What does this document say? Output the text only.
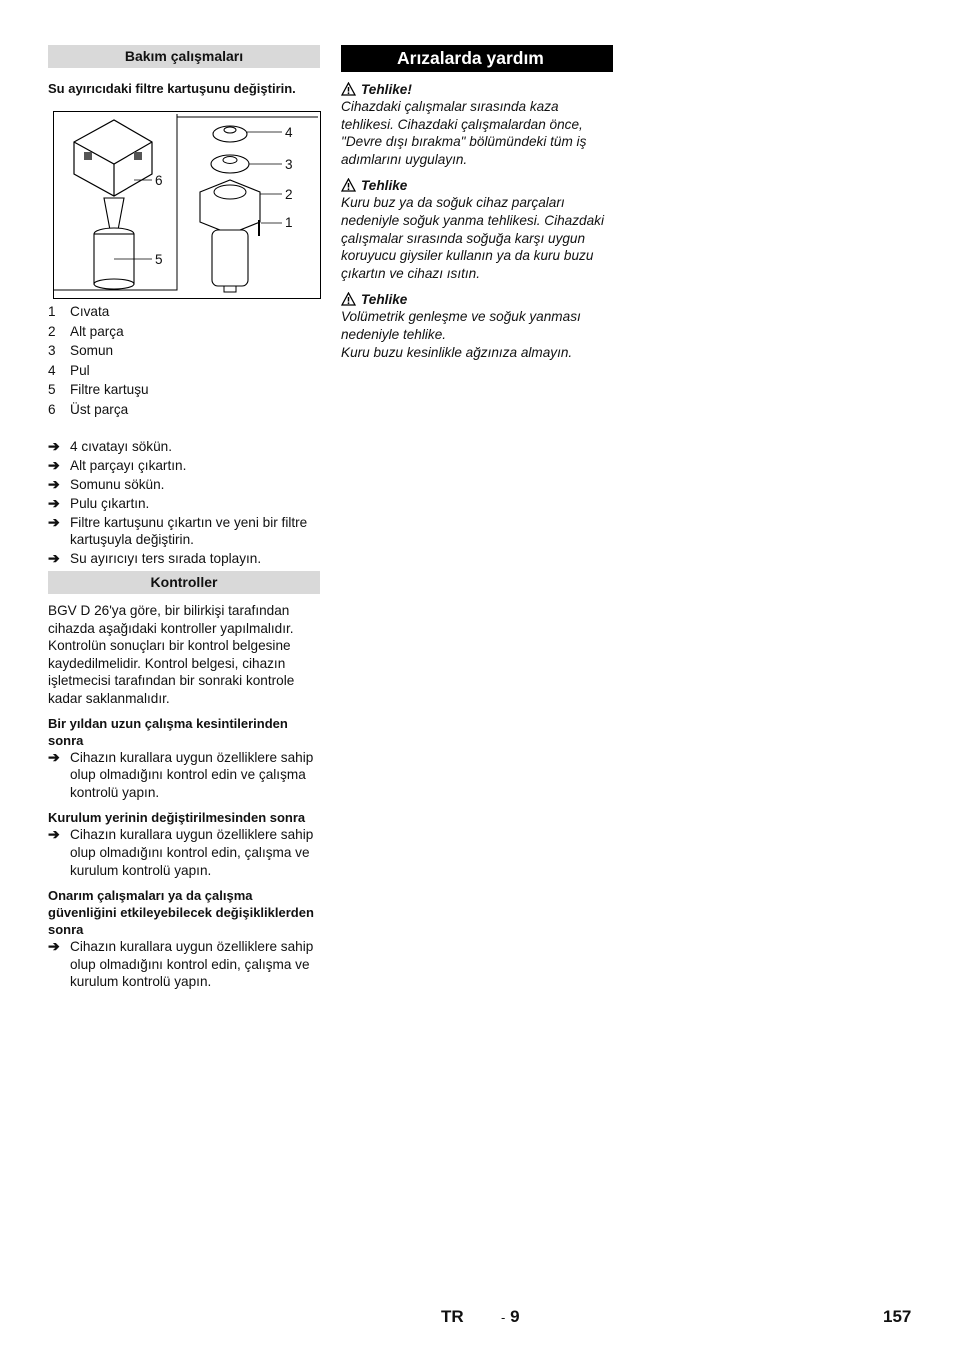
Bakım çalışmaları
Su ayırıcıdaki filtre kartuşunu değiştirin.
4
3
2
1
6
5
1	Cıvata
2	Alt parça
3	Somun
4	Pul
5	Filtre kartuşu
6	Üst parça
➔ 4 cıvatayı sökün.
➔ Alt parçayı çıkartın.
➔ Somunu sökün.
➔ Pulu çıkartın.
➔ Filtre kartuşunu çıkartın ve yeni bir filtre kartuşuyla değiştirin.
➔ Su ayırıcıyı ters sırada toplayın.
Kontroller
BGV D 26'ya göre, bir bilirkişi tarafından cihazda aşağıdaki kontroller yapılmalıdır. Kontrolün sonuçları bir kontrol belgesine kaydedilmelidir. Kontrol belgesi, cihazın işletmecisi tarafından bir sonraki kontrole kadar saklanmalıdır.
Bir yıldan uzun çalışma kesintilerinden sonra
➔ Cihazın kurallara uygun özelliklere sahip olup olmadığını kontrol edin ve çalışma kontrolü yapın.
Kurulum yerinin değiştirilmesinden sonra
➔ Cihazın kurallara uygun özelliklere sahip olup olmadığını kontrol edin, çalışma ve kurulum kontrolü yapın.
Onarım çalışmaları ya da çalışma güvenliğini etkileyebilecek değişikliklerden sonra
➔ Cihazın kurallara uygun özelliklere sahip olup olmadığını kontrol edin, çalışma ve kurulum kontrolü yapın.
Arızalarda yardım
Tehlike!
Cihazdaki çalışmalar sırasında kaza tehlikesi. Cihazdaki çalışmalardan önce, "Devre dışı bırakma" bölümündeki tüm iş adımlarını uygulayın.
Tehlike
Kuru buz ya da soğuk cihaz parçaları nedeniyle soğuk yanma tehlikesi. Cihazdaki çalışmalar sırasında soğuğa karşı uygun koruyucu giysiler kullanın ya da kuru buzu çıkartın ve cihazı ısıtın.
Tehlike
Volümetrik genleşme ve soğuk yanması nedeniyle tehlike.
Kuru buzu kesinlikle ağzınıza almayın.
TR	- 9	157
